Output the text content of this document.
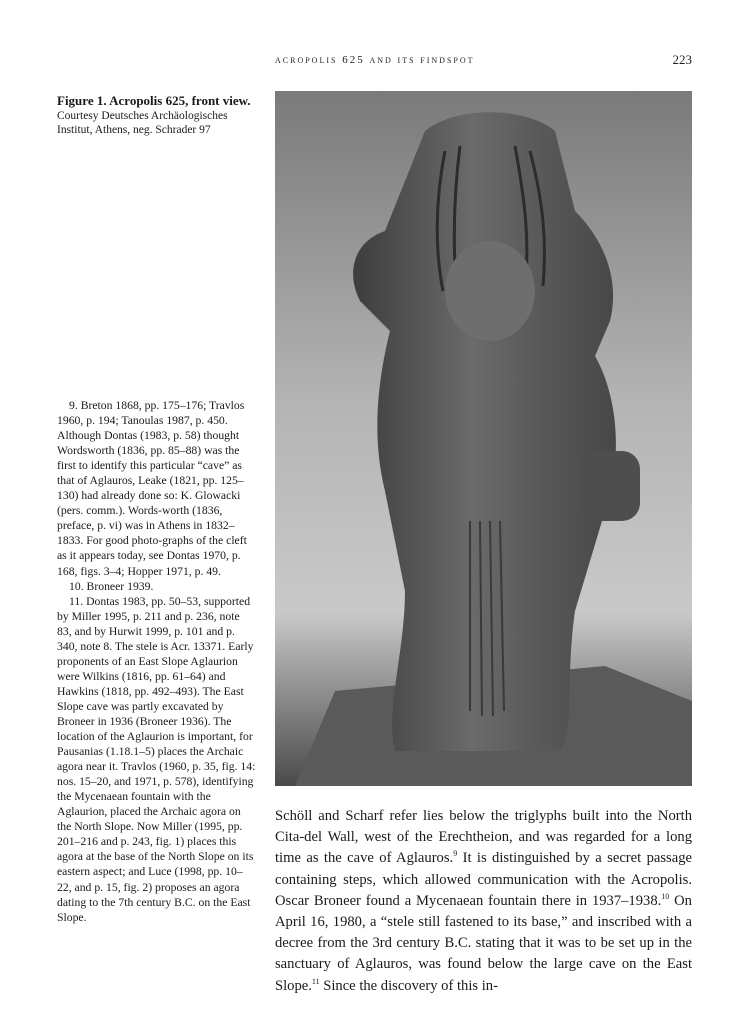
acropolis 625 and its findspot	223
Figure 1. Acropolis 625, front view.
Courtesy Deutsches Archäologisches Institut, Athens, neg. Schrader 97

9. Breton 1868, pp. 175–176; Travlos 1960, p. 194; Tanoulas 1987, p. 450. Although Dontas (1983, p. 58) thought Wordsworth (1836, pp. 85–88) was the first to identify this particular “cave” as that of Aglauros, Leake (1821, pp. 125–130) had already done so: K. Glowacki (pers. comm.). Words-worth (1836, preface, p. vi) was in Athens in 1832–1833. For good photo-graphs of the cleft as it appears today, see Dontas 1970, p. 168, figs. 3–4; Hopper 1971, p. 49.

10. Broneer 1939.

11. Dontas 1983, pp. 50–53, supported by Miller 1995, p. 211 and p. 236, note 83, and by Hurwit 1999, p. 101 and p. 340, note 8. The stele is Acr. 13371. Early proponents of an East Slope Aglaurion were Wilkins (1816, pp. 61–64) and Hawkins (1818, pp. 492–493). The East Slope cave was partly excavated by Broneer in 1936 (Broneer 1936). The location of the Aglaurion is important, for Pausanias (1.18.1–5) places the Archaic agora near it. Travlos (1960, p. 35, fig. 14: nos. 15–20, and 1971, p. 578), identifying the Mycenaean fountain with the Aglaurion, placed the Archaic agora on the North Slope. Now Miller (1995, pp. 201–216 and p. 243, fig. 1) places this agora at the base of the North Slope on its eastern aspect; and Luce (1998, pp. 10–22, and p. 15, fig. 2) proposes an agora dating to the 7th century B.C. on the East Slope.

Schöll and Scharf refer lies below the triglyphs built into the North Cita-del Wall, west of the Erechtheion, and was regarded for a long time as the cave of Aglauros.$^9$ It is distinguished by a secret passage containing steps, which allowed communication with the Acropolis. Oscar Broneer found a Mycenaean fountain there in 1937–1938.10 On April 16, 1980, a “stele still fastened to its base,” and inscribed with a decree from the 3rd century B.C. stating that it was to be set up in the sanctuary of Aglauros, was found below the large cave on the East Slope.$^{11}$ Since the discovery of this in-
